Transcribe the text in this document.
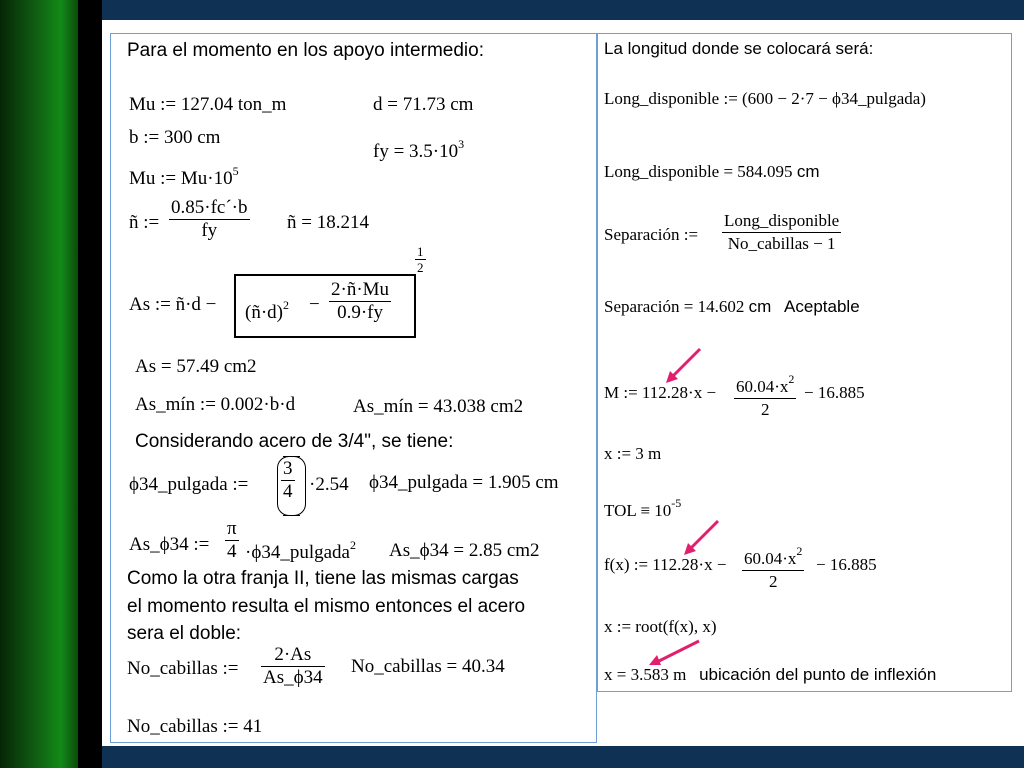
Para el momento en los apoyo intermedio:
Mu := 127.04 ton_m	d = 71.73 cm
b := 300 cm
fy = $3.5\cdot 10^3$
Mu := $Mu\cdot 10^5$
ñ := $\frac{0.85\cdot fc´\cdot b}{fy}$ ñ = 18.214
As := ñ·d − (ñ·d)$^2$ − $\frac{2\cdot ñ\cdot Mu}{0.9\cdot fy}$
$\frac{1}{2}$
As = 57.49 cm2
As_mín := 0.002·b·d	As_mín = 43.038 cm2
Considerando acero de 3/4", se tiene:
ϕ34_pulgada := $\frac{3}{4} \cdot 2.54$ ϕ34_pulgada = 1.905 cm
As_ϕ34 := $\frac{\pi}{4}$ ·ϕ34_pulgada$^2$ As_ϕ34 = 2.85 cm2
Como la otra franja II, tiene las mismas cargas
el momento resulta el mismo entonces el acero
sera el doble:
No_cabillas := $\frac{2\cdot As}{As\_\phi 34}$ No_cabillas = 40.34
No_cabillas := 41
La longitud donde se colocará será:
Long_disponible := (600 − 2·7 − ϕ34_pulgada)
Long_disponible = 584.095 cm
Separación :=
Long_disponible
No_cabillas − 1
Separación = 14.602 cm Aceptable
M := $112.28\cdot x - \frac{60.04\cdot x^2}{2} - 16.885$
x := 3 m
TOL ≡ $10^{-5}$
f(x) := $112.28\cdot x - \frac{60.04\cdot x^2}{2} - 16.885$
x := root(f(x), x)
x = 3.583 m ubicación del punto de inflexión
